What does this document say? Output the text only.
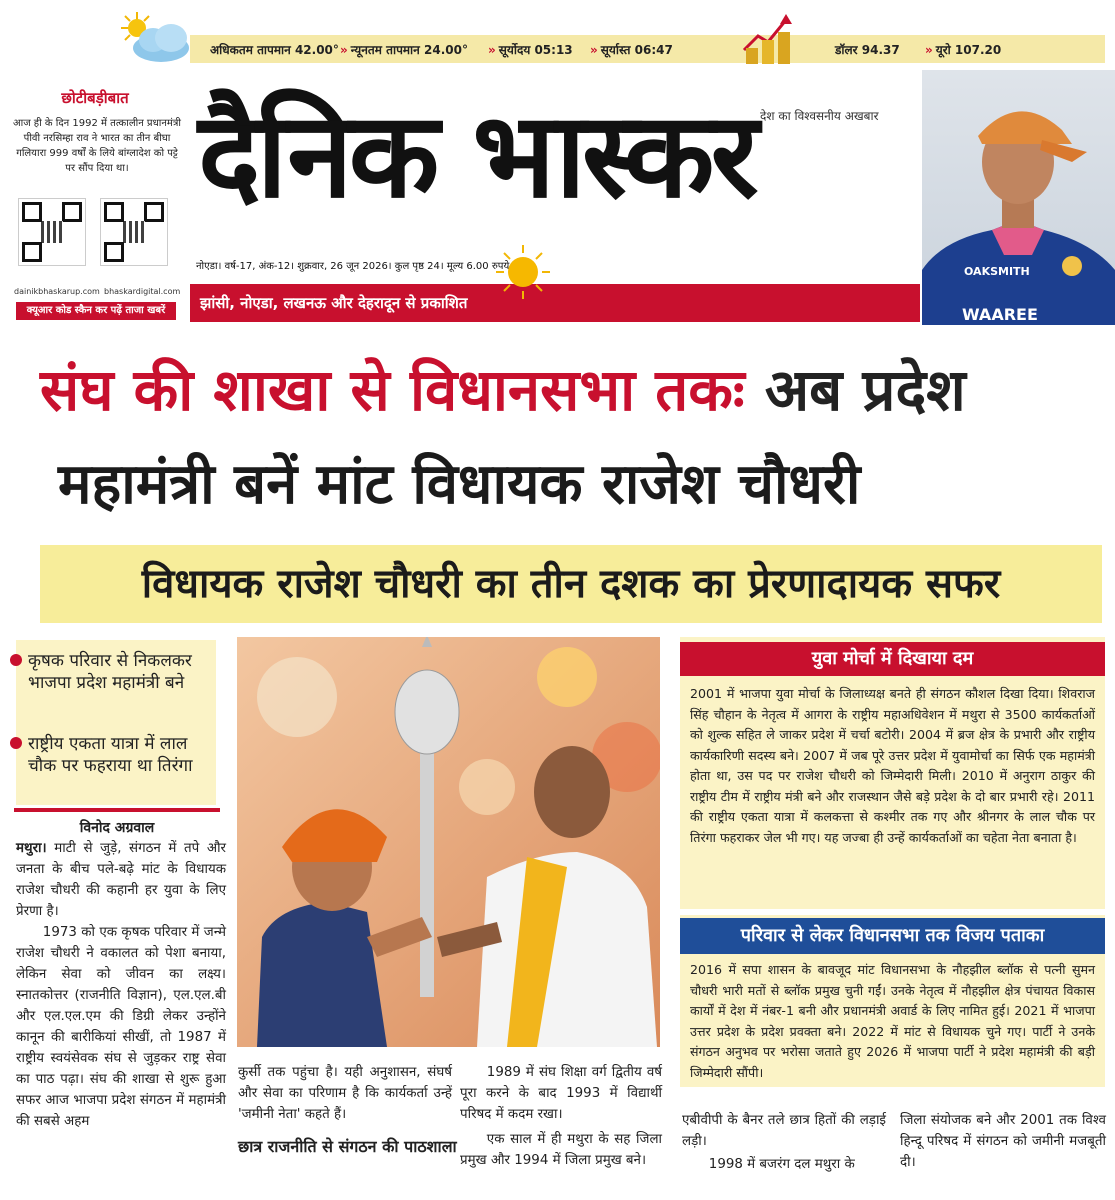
अधिकतम तापमान 42.00° » न्यूनतम तापमान 24.00° » सूर्योदय 05:13 » सूर्यास्त 06:47	डॉलर 94.37 » यूरो 107.20
छोटीबड़ीबात
आज ही के दिन 1992 में तत्कालीन प्रधानमंत्री पीवी नरसिम्हा राव ने भारत का तीन बीघा गलियारा 999 वर्षों के लिये बांग्लादेश को पट्टे पर सौंप दिया था।
dainikbhaskarup.com bhaskardigital.com
क्यूआर कोड स्कैन कर पढ़ें ताजा खबरें
देश का विश्वसनीय अखबार
दैनिक भास्कर
नोएडा। वर्ष-17, अंक-12। शुक्रवार, 26 जून 2026। कुल पृष्ठ 24। मूल्य 6.00 रुपये
झांसी, नोएडा, लखनऊ और देहरादून से प्रकाशित
OAKSMITH
WAAREE
संघ की शाखा से विधानसभा तकः अब प्रदेश
महामंत्री बनें मांट विधायक राजेश चौधरी
विधायक राजेश चौधरी का तीन दशक का प्रेरणादायक सफर
कृषक परिवार से निकलकर भाजपा प्रदेश महामंत्री बने
राष्ट्रीय एकता यात्रा में लाल चौक पर फहराया था तिरंगा
विनोद अग्रवाल
मथुरा। माटी से जुड़े, संगठन में तपे और जनता के बीच पले-बढ़े मांट के विधायक राजेश चौधरी की कहानी हर युवा के लिए प्रेरणा है।
1973 को एक कृषक परिवार में जन्मे राजेश चौधरी ने वकालत को पेशा बनाया, लेकिन सेवा को जीवन का लक्ष्य। स्नातकोत्तर (राजनीति विज्ञान), एल.एल.बी और एल.एल.एम की डिग्री लेकर उन्होंने कानून की बारीकियां सीखीं, तो 1987 में राष्ट्रीय स्वयंसेवक संघ से जुड़कर राष्ट्र सेवा का पाठ पढ़ा। संघ की शाखा से शुरू हुआ सफर आज भाजपा प्रदेश संगठन में महामंत्री की सबसे अहम
कुर्सी तक पहुंचा है। यही अनुशासन, संघर्ष और सेवा का परिणाम है कि कार्यकर्ता उन्हें 'जमीनी नेता' कहते हैं।
छात्र राजनीति से संगठन की पाठशाला
1989 में संघ शिक्षा वर्ग द्वितीय वर्ष पूरा करने के बाद 1993 में विद्यार्थी परिषद में कदम रखा।
एक साल में ही मथुरा के सह जिला प्रमुख और 1994 में जिला प्रमुख बने।
युवा मोर्चा में दिखाया दम
2001 में भाजपा युवा मोर्चा के जिलाध्यक्ष बनते ही संगठन कौशल दिखा दिया। शिवराज सिंह चौहान के नेतृत्व में आगरा के राष्ट्रीय महाअधिवेशन में मथुरा से 3500 कार्यकर्ताओं को शुल्क सहित ले जाकर प्रदेश में चर्चा बटोरी। 2004 में ब्रज क्षेत्र के प्रभारी और राष्ट्रीय कार्यकारिणी सदस्य बने। 2007 में जब पूरे उत्तर प्रदेश में युवामोर्चा का सिर्फ एक महामंत्री होता था, उस पद पर राजेश चौधरी को जिम्मेदारी मिली। 2010 में अनुराग ठाकुर की राष्ट्रीय टीम में राष्ट्रीय मंत्री बने और राजस्थान जैसे बड़े प्रदेश के दो बार प्रभारी रहे। 2011 की राष्ट्रीय एकता यात्रा में कलकत्ता से कश्मीर तक गए और श्रीनगर के लाल चौक पर तिरंगा फहराकर जेल भी गए। यह जज्बा ही उन्हें कार्यकर्ताओं का चहेता नेता बनाता है।
परिवार से लेकर विधानसभा तक विजय पताका
2016 में सपा शासन के बावजूद मांट विधानसभा के नौहझील ब्लॉक से पत्नी सुमन चौधरी भारी मतों से ब्लॉक प्रमुख चुनी गईं। उनके नेतृत्व में नौहझील क्षेत्र पंचायत विकास कार्यों में देश में नंबर-1 बनी और प्रधानमंत्री अवार्ड के लिए नामित हुई। 2021 में भाजपा उत्तर प्रदेश के प्रदेश प्रवक्ता बने। 2022 में मांट से विधायक चुने गए। पार्टी ने उनके संगठन अनुभव पर भरोसा जताते हुए 2026 में भाजपा पार्टी ने प्रदेश महामंत्री की बड़ी जिम्मेदारी सौंपी।
एबीवीपी के बैनर तले छात्र हितों की लड़ाई लड़ी।
1998 में बजरंग दल मथुरा के
जिला संयोजक बने और 2001 तक विश्व हिन्दू परिषद में संगठन को जमीनी मजबूती दी।
